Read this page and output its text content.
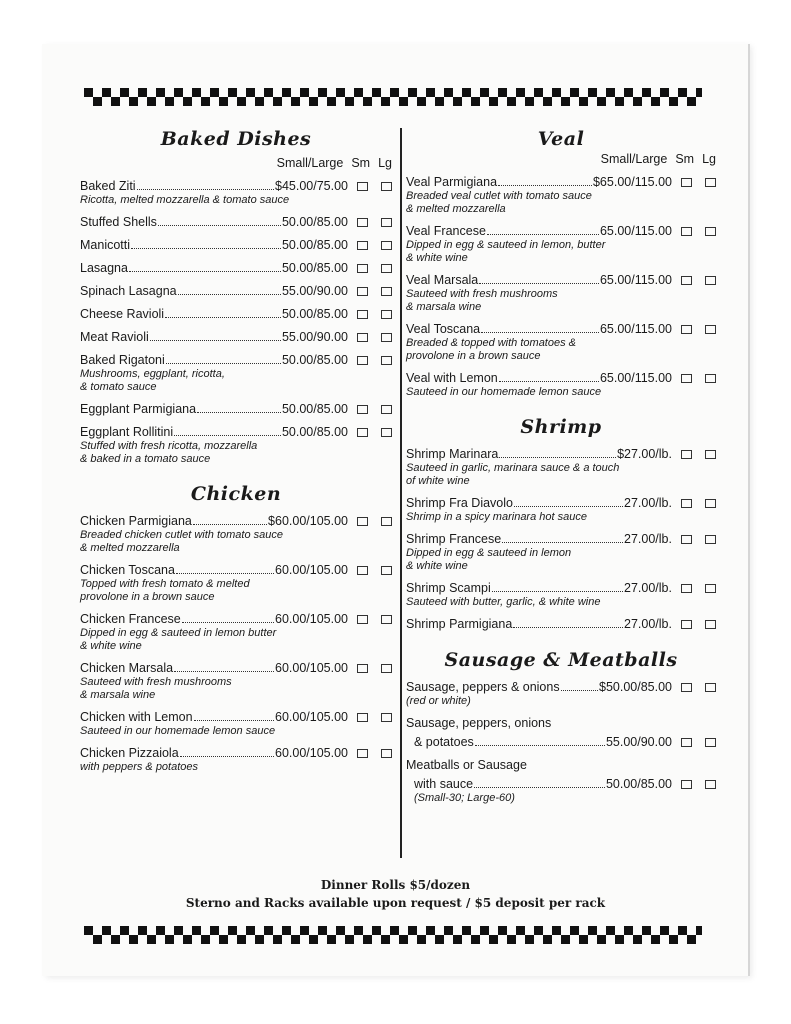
Baked Dishes
Small/Large Sm Lg
Baked Ziti	$45.00/75.00
Ricotta, melted mozzarella & tomato sauce
Stuffed Shells	50.00/85.00
Manicotti	50.00/85.00
Lasagna	50.00/85.00
Spinach Lasagna	55.00/90.00
Cheese Ravioli	50.00/85.00
Meat Ravioli	55.00/90.00
Baked Rigatoni	50.00/85.00
Mushrooms, eggplant, ricotta,
& tomato sauce
Eggplant Parmigiana	50.00/85.00
Eggplant Rollitini	50.00/85.00
Stuffed with fresh ricotta, mozzarella
& baked in a tomato sauce
Chicken
Chicken Parmigiana	$60.00/105.00
Breaded chicken cutlet with tomato sauce
& melted mozzarella
Chicken Toscana	60.00/105.00
Topped with fresh tomato & melted
provolone in a brown sauce
Chicken Francese	60.00/105.00
Dipped in egg & sauteed in lemon butter
& white wine
Chicken Marsala	60.00/105.00
Sauteed with fresh mushrooms
& marsala wine
Chicken with Lemon	60.00/105.00
Sauteed in our homemade lemon sauce
Chicken Pizzaiola	60.00/105.00
with peppers & potatoes
Veal
Small/Large Sm Lg
Veal Parmigiana	$65.00/115.00
Breaded veal cutlet with tomato sauce
& melted mozzarella
Veal Francese	65.00/115.00
Dipped in egg & sauteed in lemon, butter
& white wine
Veal Marsala	65.00/115.00
Sauteed with fresh mushrooms
& marsala wine
Veal Toscana	65.00/115.00
Breaded & topped with tomatoes &
provolone in a brown sauce
Veal with Lemon	65.00/115.00
Sauteed in our homemade lemon sauce
Shrimp
Shrimp Marinara	$27.00/lb.
Sauteed in garlic, marinara sauce & a touch
of white wine
Shrimp Fra Diavolo	27.00/lb.
Shrimp in a spicy marinara hot sauce
Shrimp Francese	27.00/lb.
Dipped in egg & sauteed in lemon
& white wine
Shrimp Scampi	27.00/lb.
Sauteed with butter, garlic, & white wine
Shrimp Parmigiana	27.00/lb.
Sausage & Meatballs
Sausage, peppers & onions	$50.00/85.00
(red or white)
Sausage, peppers, onions
& potatoes	55.00/90.00
Meatballs or Sausage
with sauce	50.00/85.00
(Small-30; Large-60)
Dinner Rolls $5/dozen
Sterno and Racks available upon request / $5 deposit per rack
